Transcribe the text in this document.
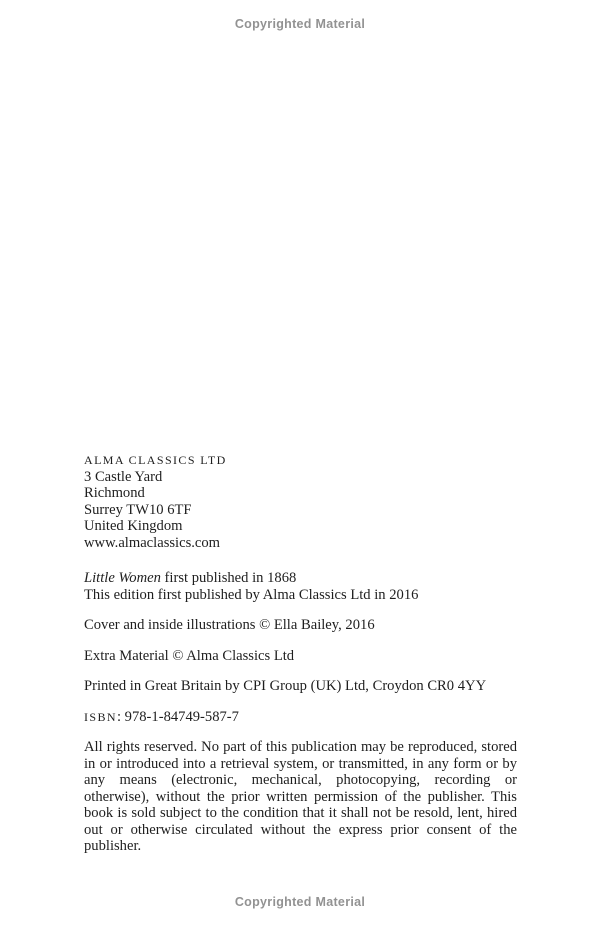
Copyrighted Material
ALMA CLASSICS LTD
3 Castle Yard
Richmond
Surrey TW10 6TF
United Kingdom
www.almaclassics.com
Little Women first published in 1868
This edition first published by Alma Classics Ltd in 2016
Cover and inside illustrations © Ella Bailey, 2016
Extra Material © Alma Classics Ltd
Printed in Great Britain by CPI Group (UK) Ltd, Croydon CR0 4YY
ISBN: 978-1-84749-587-7
All rights reserved. No part of this publication may be reproduced, stored in or introduced into a retrieval system, or transmitted, in any form or by any means (electronic, mechanical, photocopying, recording or otherwise), without the prior written permission of the publisher. This book is sold subject to the condition that it shall not be resold, lent, hired out or otherwise circulated without the express prior consent of the publisher.
Copyrighted Material
